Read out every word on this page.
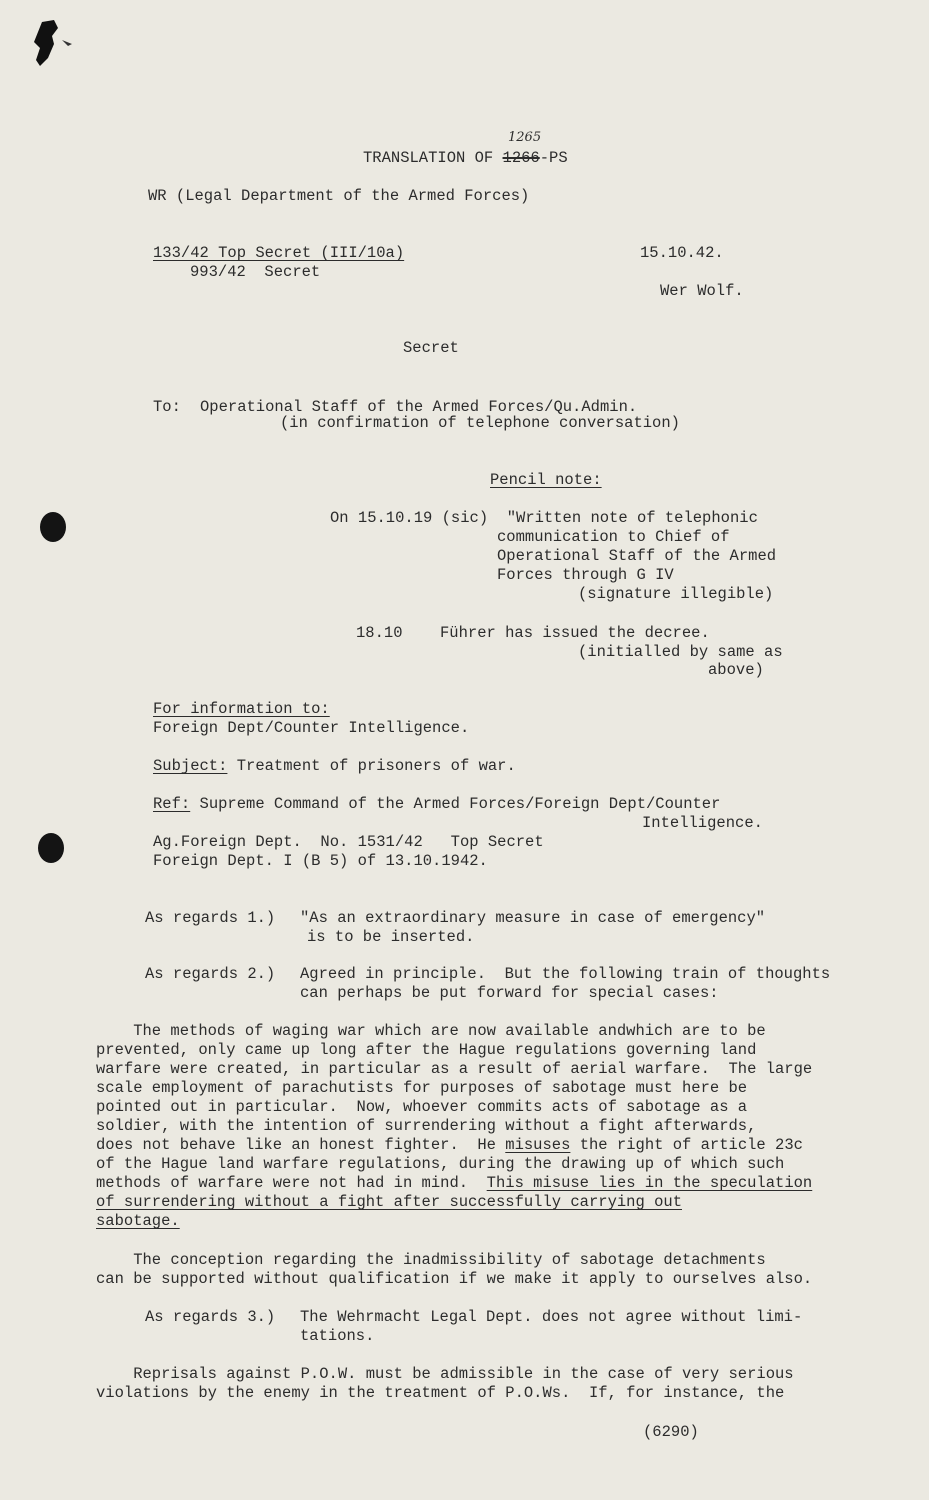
1265
TRANSLATION OF 1266-PS
WR (Legal Department of the Armed Forces)
133/42 Top Secret (III/10a)
993/42  Secret
15.10.42.
Wer Wolf.
Secret
To: Operational Staff of the Armed Forces/Qu.Admin.
(in confirmation of telephone conversation)
Pencil note:
On 15.10.19 (sic)  "Written note of telephonic
communication to Chief of
Operational Staff of the Armed
Forces through G IV
(signature illegible)
18.10 Führer has issued the decree.
(initialled by same as
above)
For information to:
Foreign Dept/Counter Intelligence.
Subject: Treatment of prisoners of war.
Ref: Supreme Command of the Armed Forces/Foreign Dept/Counter
Intelligence.
Ag.Foreign Dept.  No. 1531/42   Top Secret
Foreign Dept. I (B 5) of 13.10.1942.
As regards 1.) "As an extraordinary measure in case of emergency"
is to be inserted.
As regards 2.) Agreed in principle.  But the following train of thoughts
can perhaps be put forward for special cases:
The methods of waging war which are now available andwhich are to be
prevented, only came up long after the Hague regulations governing land
warfare were created, in particular as a result of aerial warfare.  The large
scale employment of parachutists for purposes of sabotage must here be
pointed out in particular.  Now, whoever commits acts of sabotage as a
soldier, with the intention of surrendering without a fight afterwards,
does not behave like an honest fighter.  He misuses the right of article 23c
of the Hague land warfare regulations, during the drawing up of which such
methods of warfare were not had in mind.  This misuse lies in the speculation
of surrendering without a fight after successfully carrying out
sabotage.
The conception regarding the inadmissibility of sabotage detachments
can be supported without qualification if we make it apply to ourselves also.
As regards 3.) The Wehrmacht Legal Dept. does not agree without limi-
tations.
Reprisals against P.O.W. must be admissible in the case of very serious
violations by the enemy in the treatment of P.O.Ws.  If, for instance, the
(6290)
